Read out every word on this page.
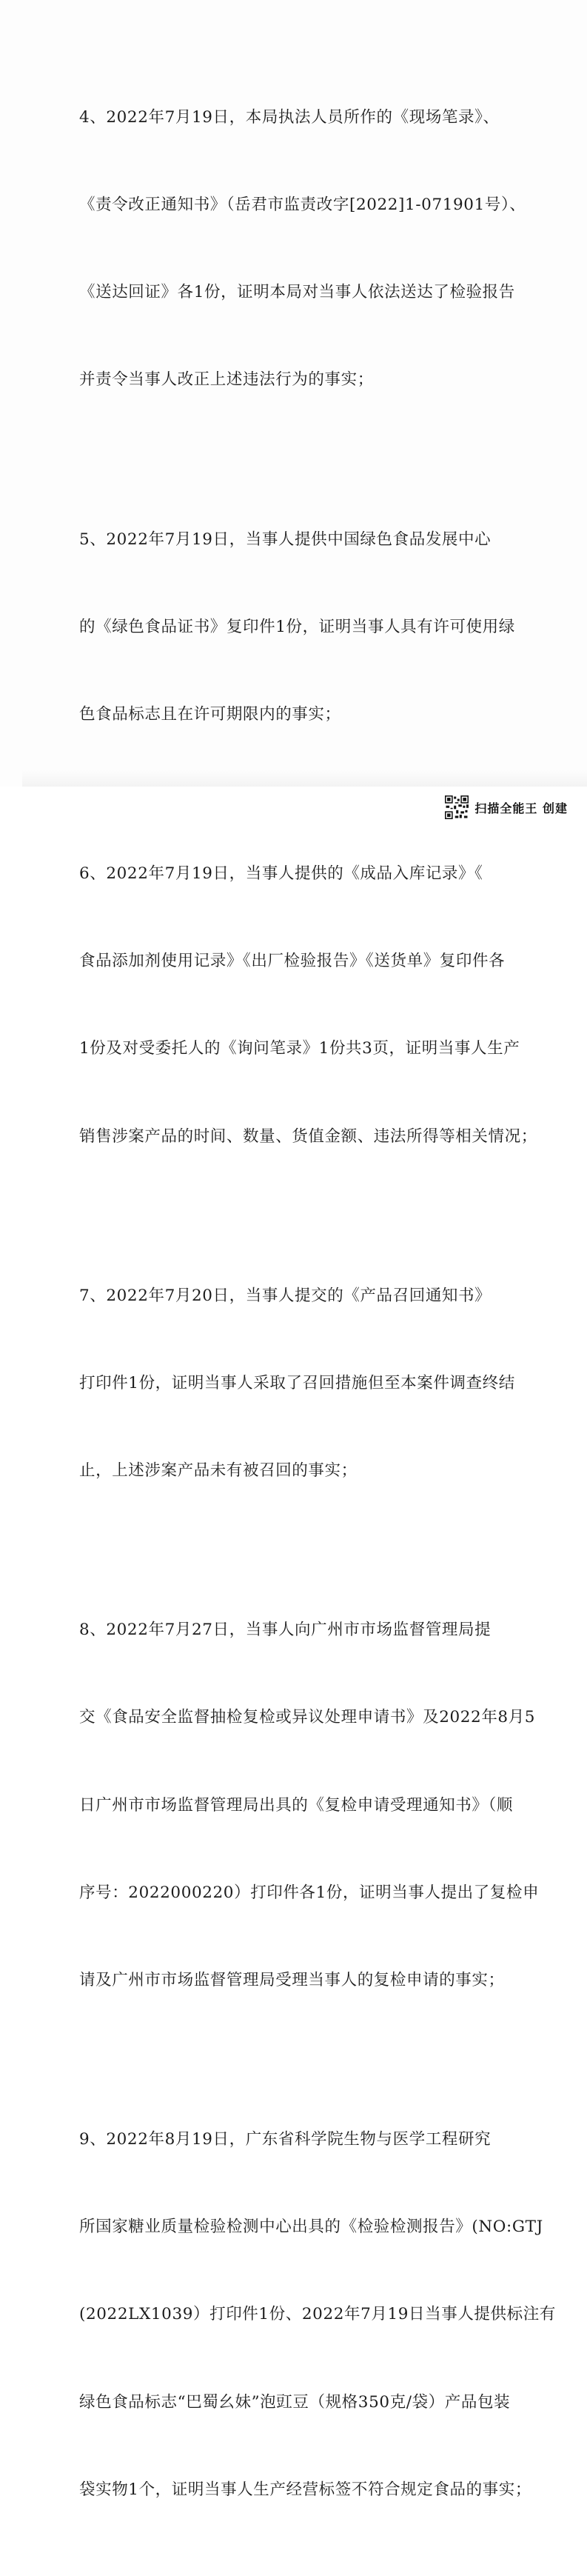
4、2022年7月19日，本局执法人员所作的《现场笔录》、

《责令改正通知书》（岳君市监责改字[2022]1-071901号）、

《送达回证》各1份，证明本局对当事人依法送达了检验报告

并责令当事人改正上述违法行为的事实；

5、2022年7月19日，当事人提供中国绿色食品发展中心

的《绿色食品证书》复印件1份，证明当事人具有许可使用绿

色食品标志且在许可期限内的事实；

6、2022年7月19日，当事人提供的《成品入库记录》《

食品添加剂使用记录》《出厂检验报告》《送货单》复印件各

1份及对受委托人的《询问笔录》1份共3页，证明当事人生产

销售涉案产品的时间、数量、货值金额、违法所得等相关情况；

7、2022年7月20日，当事人提交的《产品召回通知书》

打印件1份，证明当事人采取了召回措施但至本案件调查终结

止，上述涉案产品未有被召回的事实；

8、2022年7月27日，当事人向广州市市场监督管理局提

交《食品安全监督抽检复检或异议处理申请书》及2022年8月5

日广州市市场监督管理局出具的《复检申请受理通知书》（顺

序号：2022000220）打印件各1份，证明当事人提出了复检申

请及广州市市场监督管理局受理当事人的复检申请的事实；

9、2022年8月19日，广东省科学院生物与医学工程研究

所国家糖业质量检验检测中心出具的《检验检测报告》(NO:GTJ

(2022LX1039）打印件1份、2022年7月19日当事人提供标注有

绿色食品标志“巴蜀幺妹”泡豇豆（规格350克/袋）产品包装

袋实物1个，证明当事人生产经营标签不符合规定食品的事实；

扫描全能王 创建
